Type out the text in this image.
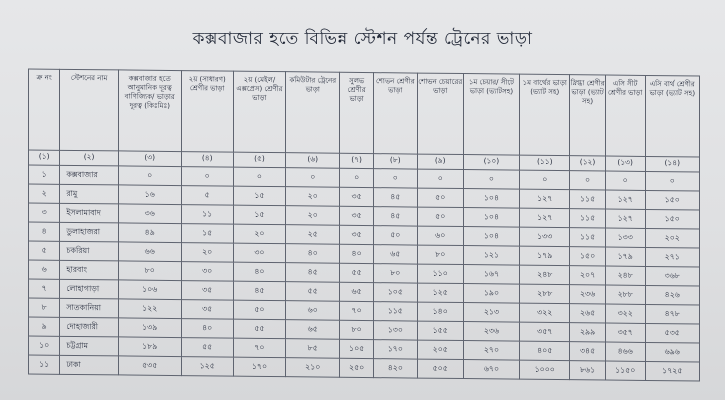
কক্সবাজার হতে বিভিন্ন স্টেশন পর্যন্ত ট্রেনের ভাড়া
ক্র নং	স্টেশনের নাম	কক্সবাজার হতে আনুমানিক দূরত্ব বাণিজ্যিক/ ভাড়ার দূরত্ব (কিঃমিঃ)	২য় (সাধারণ) শ্রেণীর ভাড়া	২য় (মেইল/ এক্সপ্রেস) শ্রেণীর ভাড়া	কমিউটার ট্রেনের ভাড়া	সুলভ শ্রেণীর ভাড়া	শোভন শ্রেণীর ভাড়া	শোভন চেয়ারের ভাড়া	১ম চেয়ার/ সীটে ভাড়া (ভ্যাটসহ)	১ম বার্থের ভাড়া (ভ্যাট সহ)	স্নিগ্ধা শ্রেণীর ভাড়া (ভ্যাট সহ)	এসি সীট শ্রেণীর ভাড়া	এসি বার্থ শ্রেণীর ভাড়া (ভ্যাট সহ)
(১)	(২)	(৩)	(৪)	(৫)	(৬)	(৭)	(৮)	(৯)	(১০)	(১১)	(১২)	(১৩)	(১৪)
১	কক্সবাজার	০	০	০	০	০	০	০	০	০	০	০	০
২	রামু	১৬	৫	১৫	২০	৩৫	৪৫	৫০	১০৪	১২৭	১১৫	১২৭	১৫০
৩	ইসলামাবাদ	৩৬	১১	১৫	২০	৩৫	৪৫	৫০	১০৪	১২৭	১১৫	১২৭	১৫০
৪	ডুলাহাজরা	৪৯	১৫	২০	২৫	৩৫	৫০	৬০	১০৪	১৩৩	১১৫	১৩৩	২০২
৫	চকরিয়া	৬৬	২০	৩০	৪০	৪০	৬৫	৮০	১২১	১৭৯	১৫০	১৭৯	২৭১
৬	হারবাং	৮০	৩০	৪০	৪৫	৫৫	৮০	১১০	১৬৭	২৪৮	২০৭	২৪৮	৩৬৮
৭	লোহাগাড়া	১০৬	৩৫	৪৫	৫৫	৬৫	১০৫	১২৫	১৯০	২৮৮	২৩৬	২৮৮	৪২৬
৮	সাতকানিয়া	১২২	৩৫	৫০	৬০	৭০	১১৫	১৪০	২১৩	৩২২	২৬৫	৩২২	৪৭৮
৯	দোহাজারী	১৩৯	৪০	৫৫	৬৫	৮০	১৩০	১৫৫	২৩৬	৩৫৭	২৯৯	৩৫৭	৫৩৫
১০	চট্টগ্রাম	১৮৯	৫৫	৭০	৮৫	১০৫	১৭০	২০৫	২৭০	৪০৫	৩৪৫	৪৬৬	৬৯৬
১১	ঢাকা	৫৩৫	১২৫	১৭০	২১০	২৫০	৪২০	৫০৫	৬৭০	১০০০	৮৬১	১১৫০	১৭২৫
